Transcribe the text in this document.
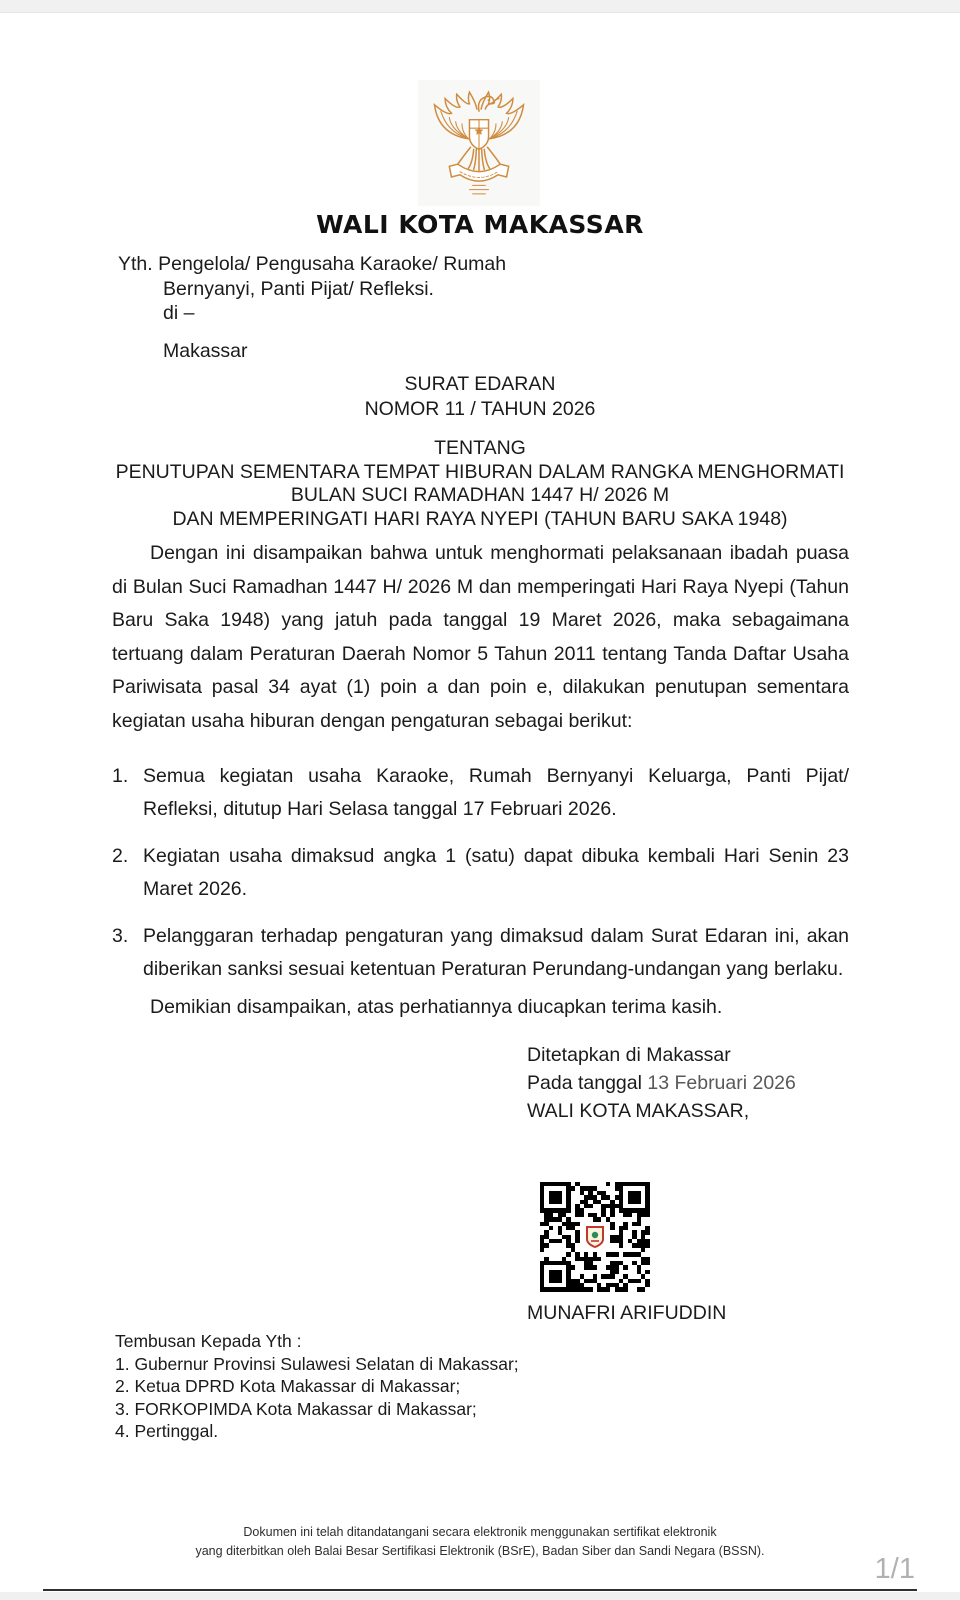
WALI KOTA MAKASSAR
Yth. Pengelola/ Pengusaha Karaoke/ Rumah
Bernyanyi, Panti Pijat/ Refleksi.
di –
Makassar
SURAT EDARAN
NOMOR 11 / TAHUN 2026
TENTANG
PENUTUPAN SEMENTARA TEMPAT HIBURAN DALAM RANGKA MENGHORMATI
BULAN SUCI RAMADHAN 1447 H/ 2026 M
DAN MEMPERINGATI HARI RAYA NYEPI (TAHUN BARU SAKA 1948)
Dengan ini disampaikan bahwa untuk menghormati pelaksanaan ibadah puasa di Bulan Suci Ramadhan 1447 H/ 2026 M dan memperingati Hari Raya Nyepi (Tahun Baru Saka 1948) yang jatuh pada tanggal 19 Maret 2026, maka sebagaimana tertuang dalam Peraturan Daerah Nomor 5 Tahun 2011 tentang Tanda Daftar Usaha Pariwisata pasal 34 ayat (1) poin a dan poin e, dilakukan penutupan sementara kegiatan usaha hiburan dengan pengaturan sebagai berikut:
1. Semua kegiatan usaha Karaoke, Rumah Bernyanyi Keluarga, Panti Pijat/ Refleksi, ditutup Hari Selasa tanggal 17 Februari 2026.
2. Kegiatan usaha dimaksud angka 1 (satu) dapat dibuka kembali Hari Senin 23 Maret 2026.
3. Pelanggaran terhadap pengaturan yang dimaksud dalam Surat Edaran ini, akan diberikan sanksi sesuai ketentuan Peraturan Perundang-undangan yang berlaku.
Demikian disampaikan, atas perhatiannya diucapkan terima kasih.
Ditetapkan di Makassar
Pada tanggal 13 Februari 2026
WALI KOTA MAKASSAR,
MUNAFRI ARIFUDDIN
Tembusan Kepada Yth :
1. Gubernur Provinsi Sulawesi Selatan di Makassar;
2. Ketua DPRD Kota Makassar di Makassar;
3. FORKOPIMDA Kota Makassar di Makassar;
4. Pertinggal.
Dokumen ini telah ditandatangani secara elektronik menggunakan sertifikat elektronik
yang diterbitkan oleh Balai Besar Sertifikasi Elektronik (BSrE), Badan Siber dan Sandi Negara (BSSN).
1/1
